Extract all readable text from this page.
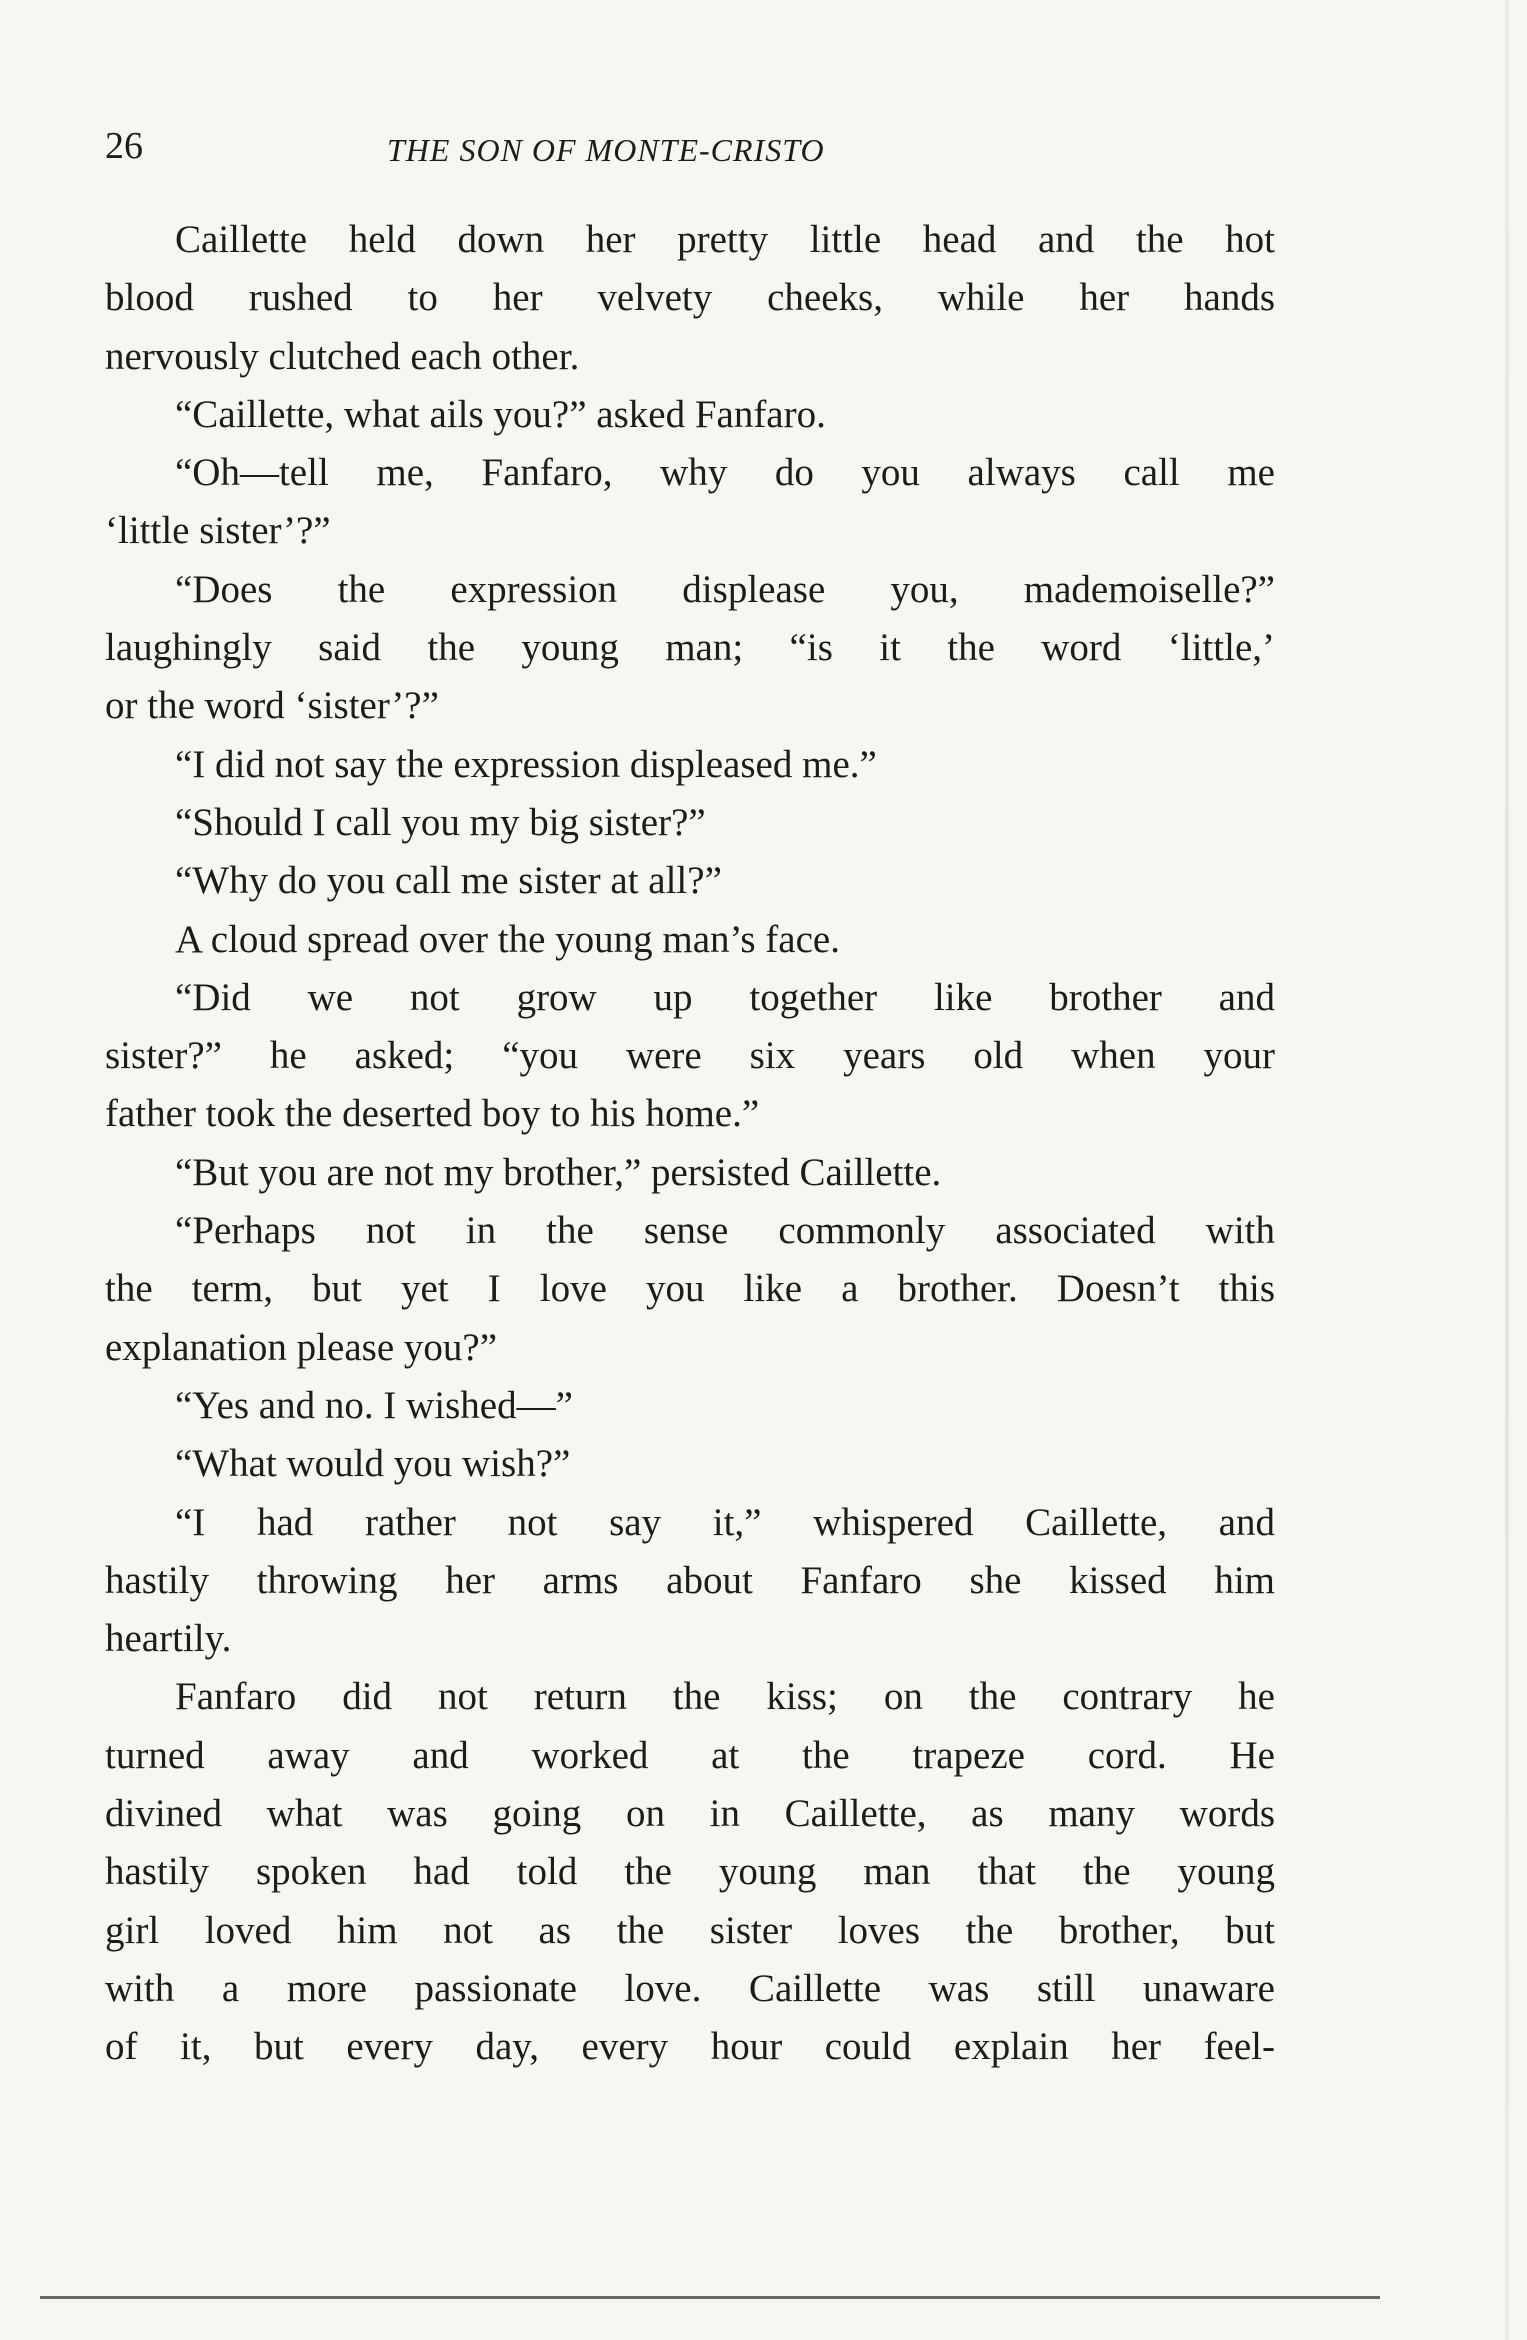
26	THE SON OF MONTE-CRISTO
Caillette held down her pretty little head and the hot
blood rushed to her velvety cheeks, while her hands
nervously clutched each other.
“Caillette, what ails you?” asked Fanfaro.
“Oh—tell me, Fanfaro, why do you always call me
‘little sister’?”
“Does the expression displease you, mademoiselle?”
laughingly said the young man; “is it the word ‘little,’
or the word ‘sister’?”
“I did not say the expression displeased me.”
“Should I call you my big sister?”
“Why do you call me sister at all?”
A cloud spread over the young man’s face.
“Did we not grow up together like brother and
sister?” he asked; “you were six years old when your
father took the deserted boy to his home.”
“But you are not my brother,” persisted Caillette.
“Perhaps not in the sense commonly associated with
the term, but yet I love you like a brother. Doesn’t this
explanation please you?”
“Yes and no. I wished—”
“What would you wish?”
“I had rather not say it,” whispered Caillette, and
hastily throwing her arms about Fanfaro she kissed him
heartily.
Fanfaro did not return the kiss; on the contrary he
turned away and worked at the trapeze cord. He
divined what was going on in Caillette, as many words
hastily spoken had told the young man that the young
girl loved him not as the sister loves the brother, but
with a more passionate love. Caillette was still unaware
of it, but every day, every hour could explain her feel-
